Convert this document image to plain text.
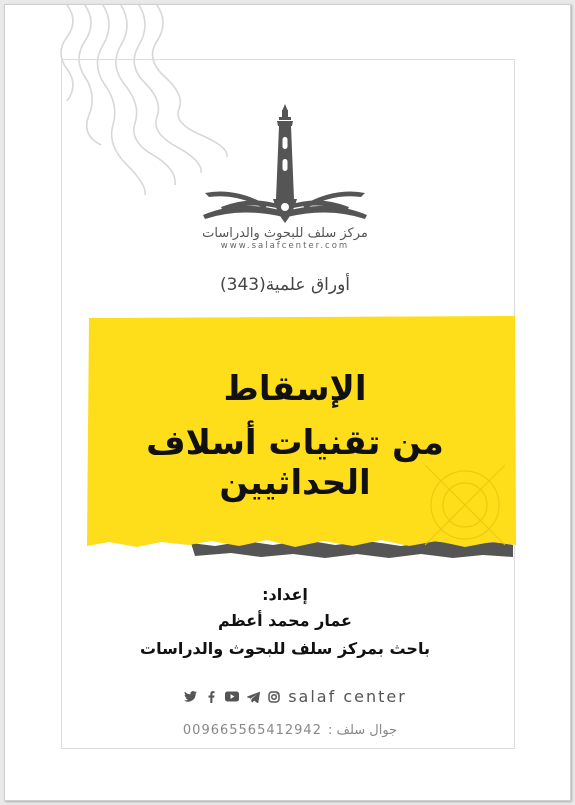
مركز سلف للبحوث والدراسات
www.salafcenter.com
أوراق علمية(343)
الإسقاط
من تقنيات أسلاف الحداثيين
إعداد:
عمار محمد أعظم
باحث بمركز سلف للبحوث والدراسات
salaf center
009665565412942 جوال سلف :
